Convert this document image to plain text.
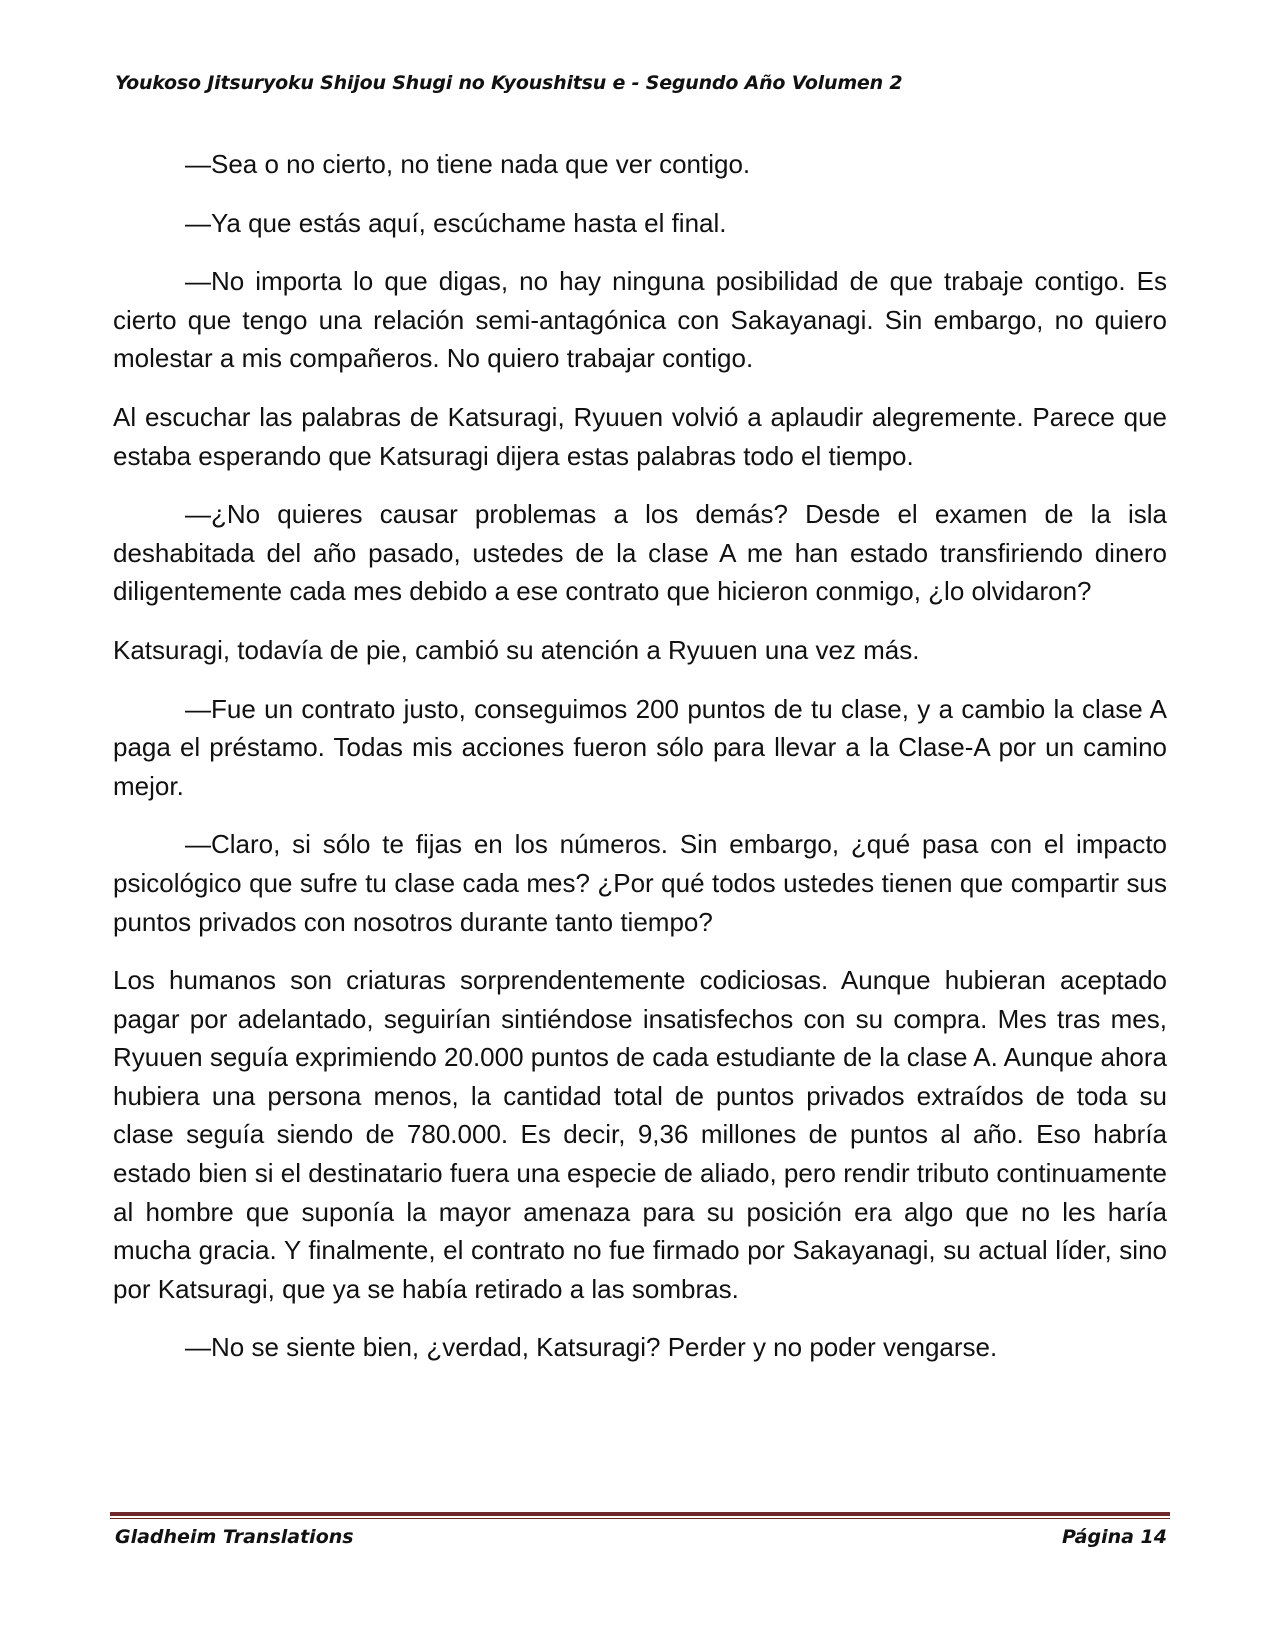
Youkoso Jitsuryoku Shijou Shugi no Kyoushitsu e - Segundo Año Volumen 2

—Sea o no cierto, no tiene nada que ver contigo.

—Ya que estás aquí, escúchame hasta el final.

—No importa lo que digas, no hay ninguna posibilidad de que trabaje contigo. Es cierto que tengo una relación semi-antagónica con Sakayanagi. Sin embargo, no quiero molestar a mis compañeros. No quiero trabajar contigo.

Al escuchar las palabras de Katsuragi, Ryuuen volvió a aplaudir alegremente. Parece que estaba esperando que Katsuragi dijera estas palabras todo el tiempo.

—¿No quieres causar problemas a los demás? Desde el examen de la isla deshabitada del año pasado, ustedes de la clase A me han estado transfiriendo dinero diligentemente cada mes debido a ese contrato que hicieron conmigo, ¿lo olvidaron?

Katsuragi, todavía de pie, cambió su atención a Ryuuen una vez más.

—Fue un contrato justo, conseguimos 200 puntos de tu clase, y a cambio la clase A paga el préstamo. Todas mis acciones fueron sólo para llevar a la Clase-A por un camino mejor.

—Claro, si sólo te fijas en los números. Sin embargo, ¿qué pasa con el impacto psicológico que sufre tu clase cada mes? ¿Por qué todos ustedes tienen que compartir sus puntos privados con nosotros durante tanto tiempo?

Los humanos son criaturas sorprendentemente codiciosas. Aunque hubieran aceptado pagar por adelantado, seguirían sintiéndose insatisfechos con su compra. Mes tras mes, Ryuuen seguía exprimiendo 20.000 puntos de cada estudiante de la clase A. Aunque ahora hubiera una persona menos, la cantidad total de puntos privados extraídos de toda su clase seguía siendo de 780.000. Es decir, 9,36 millones de puntos al año. Eso habría estado bien si el destinatario fuera una especie de aliado, pero rendir tributo continuamente al hombre que suponía la mayor amenaza para su posición era algo que no les haría mucha gracia. Y finalmente, el contrato no fue firmado por Sakayanagi, su actual líder, sino por Katsuragi, que ya se había retirado a las sombras.

—No se siente bien, ¿verdad, Katsuragi? Perder y no poder vengarse.

Gladheim Translations	Página 14
